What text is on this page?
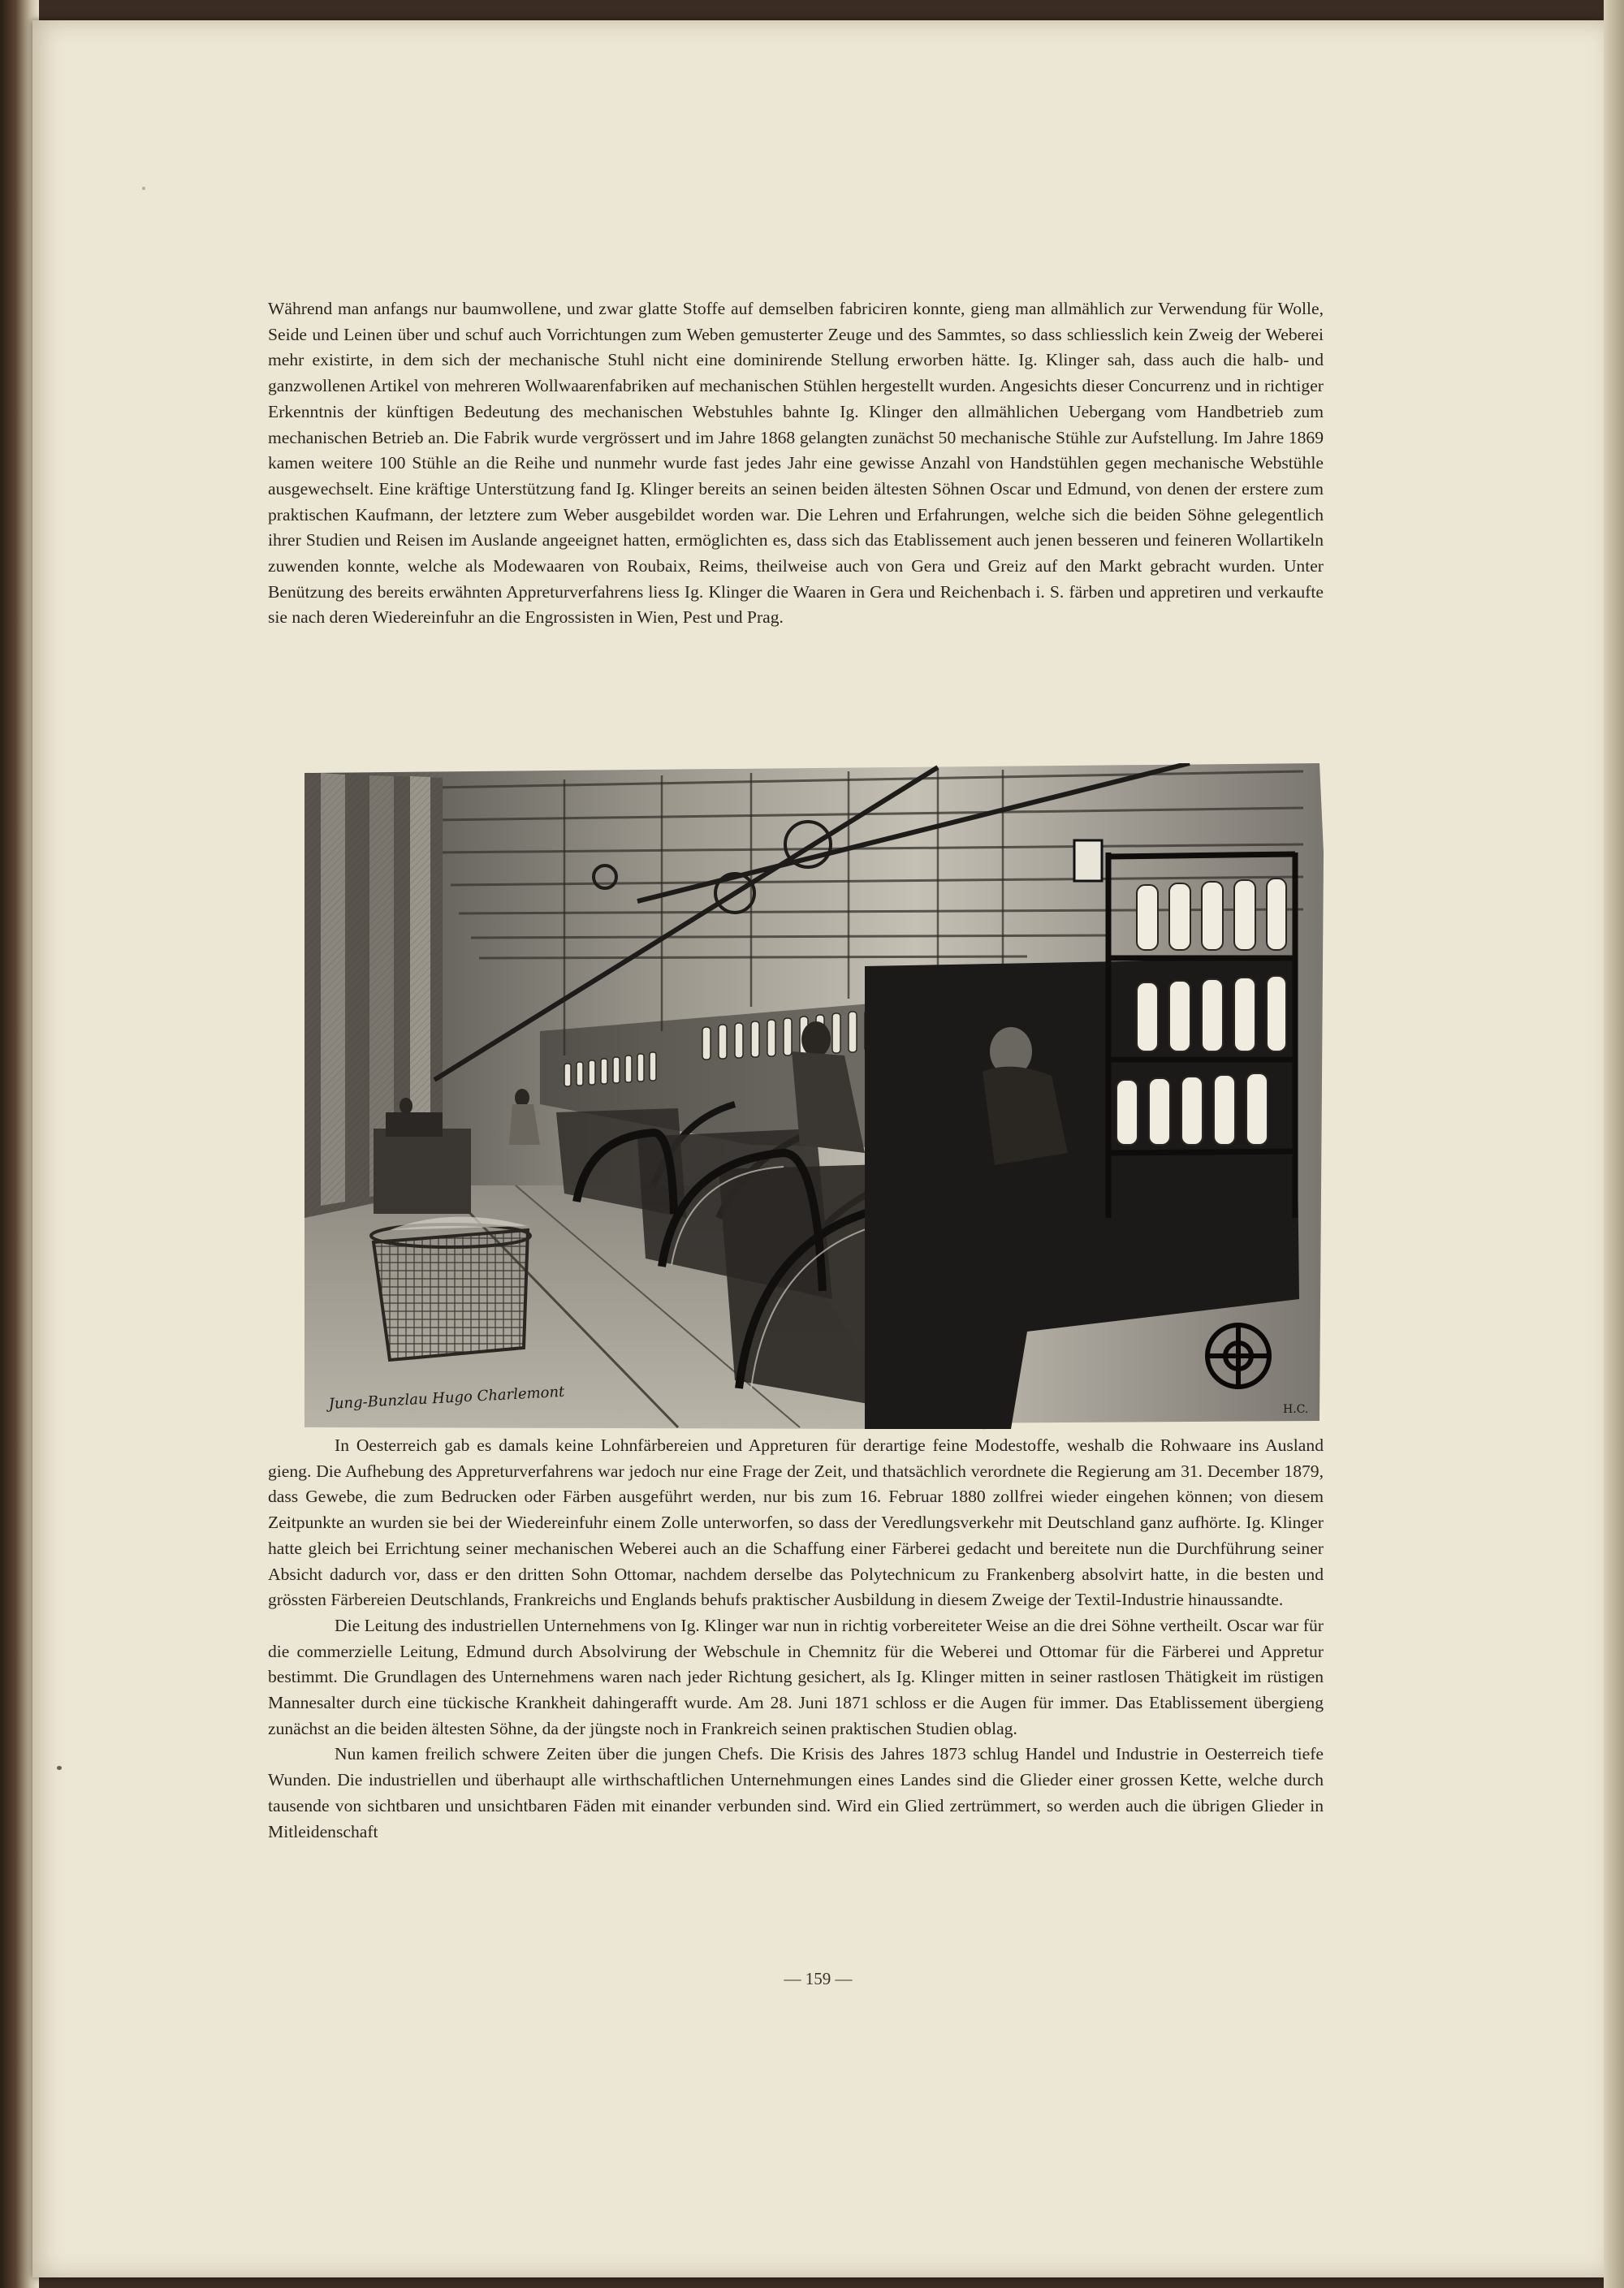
Während man anfangs nur baumwollene, und zwar glatte Stoffe auf demselben fabriciren konnte, gieng man allmählich zur Verwendung für Wolle, Seide und Leinen über und schuf auch Vorrichtungen zum Weben gemusterter Zeuge und des Sammtes, so dass schliesslich kein Zweig der Weberei mehr existirte, in dem sich der mechanische Stuhl nicht eine dominirende Stellung erworben hätte. Ig. Klinger sah, dass auch die halb- und ganzwollenen Artikel von mehreren Wollwaarenfabriken auf mechanischen Stühlen hergestellt wurden. Angesichts dieser Concurrenz und in richtiger Erkenntnis der künftigen Bedeutung des mechanischen Webstuhles bahnte Ig. Klinger den allmählichen Uebergang vom Handbetrieb zum mechanischen Betrieb an. Die Fabrik wurde vergrössert und im Jahre 1868 gelangten zunächst 50 mechanische Stühle zur Aufstellung. Im Jahre 1869 kamen weitere 100 Stühle an die Reihe und nunmehr wurde fast jedes Jahr eine gewisse Anzahl von Handstühlen gegen mechanische Webstühle ausgewechselt. Eine kräftige Unterstützung fand Ig. Klinger bereits an seinen beiden ältesten Söhnen Oscar und Edmund, von denen der erstere zum praktischen Kaufmann, der letztere zum Weber ausgebildet worden war. Die Lehren und Erfahrungen, welche sich die beiden Söhne gelegentlich ihrer Studien und Reisen im Auslande angeeignet hatten, ermöglichten es, dass sich das Etablissement auch jenen besseren und feineren Wollartikeln zuwenden konnte, welche als Modewaaren von Roubaix, Reims, theilweise auch von Gera und Greiz auf den Markt gebracht wurden. Unter Benützung des bereits erwähnten Appreturverfahrens liess Ig. Klinger die Waaren in Gera und Reichenbach i. S. färben und appretiren und verkaufte sie nach deren Wiedereinfuhr an die Engrossisten in Wien, Pest und Prag.

Jung-Bunzlau Hugo Charlemont	H.C.

In Oesterreich gab es damals keine Lohnfärbereien und Appreturen für derartige feine Modestoffe, weshalb die Rohwaare ins Ausland gieng. Die Aufhebung des Appreturverfahrens war jedoch nur eine Frage der Zeit, und thatsächlich verordnete die Regierung am 31. December 1879, dass Gewebe, die zum Bedrucken oder Färben ausgeführt werden, nur bis zum 16. Februar 1880 zollfrei wieder eingehen können; von diesem Zeitpunkte an wurden sie bei der Wiedereinfuhr einem Zolle unterworfen, so dass der Veredlungsverkehr mit Deutschland ganz aufhörte. Ig. Klinger hatte gleich bei Errichtung seiner mechanischen Weberei auch an die Schaffung einer Färberei gedacht und bereitete nun die Durchführung seiner Absicht dadurch vor, dass er den dritten Sohn Ottomar, nachdem derselbe das Polytechnicum zu Frankenberg absolvirt hatte, in die besten und grössten Färbereien Deutschlands, Frankreichs und Englands behufs praktischer Ausbildung in diesem Zweige der Textil-Industrie hinaussandte.

Die Leitung des industriellen Unternehmens von Ig. Klinger war nun in richtig vorbereiteter Weise an die drei Söhne vertheilt. Oscar war für die commerzielle Leitung, Edmund durch Absolvirung der Webschule in Chemnitz für die Weberei und Ottomar für die Färberei und Appretur bestimmt. Die Grundlagen des Unternehmens waren nach jeder Richtung gesichert, als Ig. Klinger mitten in seiner rastlosen Thätigkeit im rüstigen Mannesalter durch eine tückische Krankheit dahingerafft wurde. Am 28. Juni 1871 schloss er die Augen für immer. Das Etablissement übergieng zunächst an die beiden ältesten Söhne, da der jüngste noch in Frankreich seinen praktischen Studien oblag.

Nun kamen freilich schwere Zeiten über die jungen Chefs. Die Krisis des Jahres 1873 schlug Handel und Industrie in Oesterreich tiefe Wunden. Die industriellen und überhaupt alle wirthschaftlichen Unternehmungen eines Landes sind die Glieder einer grossen Kette, welche durch tausende von sichtbaren und unsichtbaren Fäden mit einander verbunden sind. Wird ein Glied zertrümmert, so werden auch die übrigen Glieder in Mitleidenschaft

— 159 —
